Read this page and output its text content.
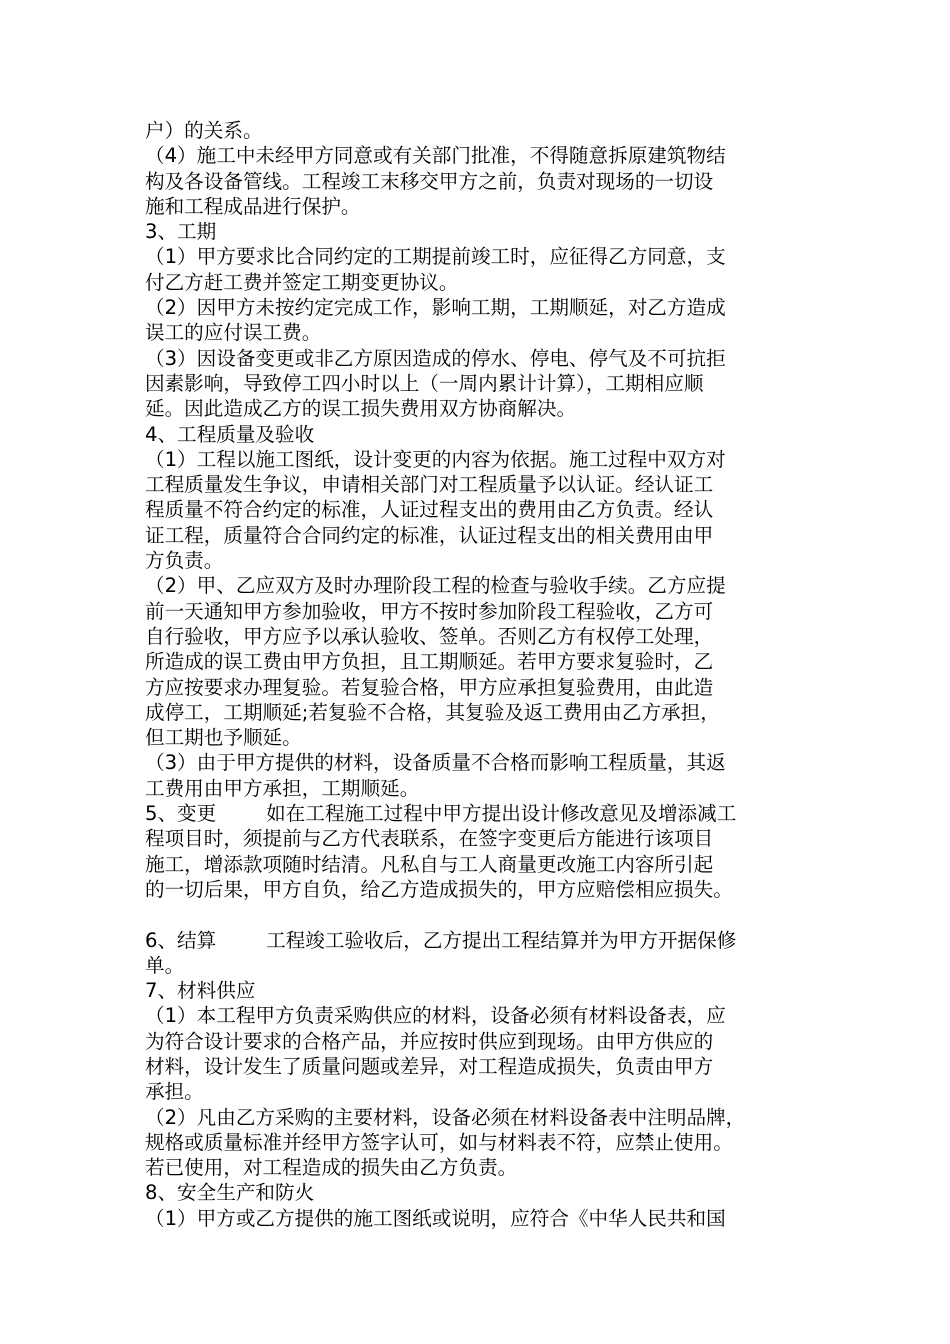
户）的关系。
（4）施工中未经甲方同意或有关部门批准，不得随意拆原建筑物结
构及各设备管线。工程竣工末移交甲方之前，负责对现场的一切设
施和工程成品进行保护。
3、工期
（1）甲方要求比合同约定的工期提前竣工时，应征得乙方同意，支
付乙方赶工费并签定工期变更协议。
（2）因甲方未按约定完成工作，影响工期，工期顺延，对乙方造成
误工的应付误工费。
（3）因设备变更或非乙方原因造成的停水、停电、停气及不可抗拒
因素影响，导致停工四小时以上（一周内累计计算），工期相应顺
延。因此造成乙方的误工损失费用双方协商解决。
4、工程质量及验收
（1）工程以施工图纸，设计变更的内容为依据。施工过程中双方对
工程质量发生争议，申请相关部门对工程质量予以认证。经认证工
程质量不符合约定的标准，人证过程支出的费用由乙方负责。经认
证工程，质量符合合同约定的标准，认证过程支出的相关费用由甲
方负责。
（2）甲、乙应双方及时办理阶段工程的检查与验收手续。乙方应提
前一天通知甲方参加验收，甲方不按时参加阶段工程验收，乙方可
自行验收，甲方应予以承认验收、签单。否则乙方有权停工处理，
所造成的误工费由甲方负担，且工期顺延。若甲方要求复验时，乙
方应按要求办理复验。若复验合格，甲方应承担复验费用，由此造
成停工，工期顺延;若复验不合格，其复验及返工费用由乙方承担，
但工期也予顺延。
（3）由于甲方提供的材料，设备质量不合格而影响工程质量，其返
工费用由甲方承担，工期顺延。
5、变更        如在工程施工过程中甲方提出设计修改意见及增添减工
程项目时，须提前与乙方代表联系，在签字变更后方能进行该项目
施工，增添款项随时结清。凡私自与工人商量更改施工内容所引起
的一切后果，甲方自负，给乙方造成损失的，甲方应赔偿相应损失。
6、结算        工程竣工验收后，乙方提出工程结算并为甲方开据保修
单。
7、材料供应
（1）本工程甲方负责采购供应的材料，设备必须有材料设备表，应
为符合设计要求的合格产品，并应按时供应到现场。由甲方供应的
材料，设计发生了质量问题或差异，对工程造成损失，负责由甲方
承担。
（2）凡由乙方采购的主要材料，设备必须在材料设备表中注明品牌，
规格或质量标准并经甲方签字认可，如与材料表不符，应禁止使用。
若已使用，对工程造成的损失由乙方负责。
8、安全生产和防火
（1）甲方或乙方提供的施工图纸或说明，应符合《中华人民共和国
